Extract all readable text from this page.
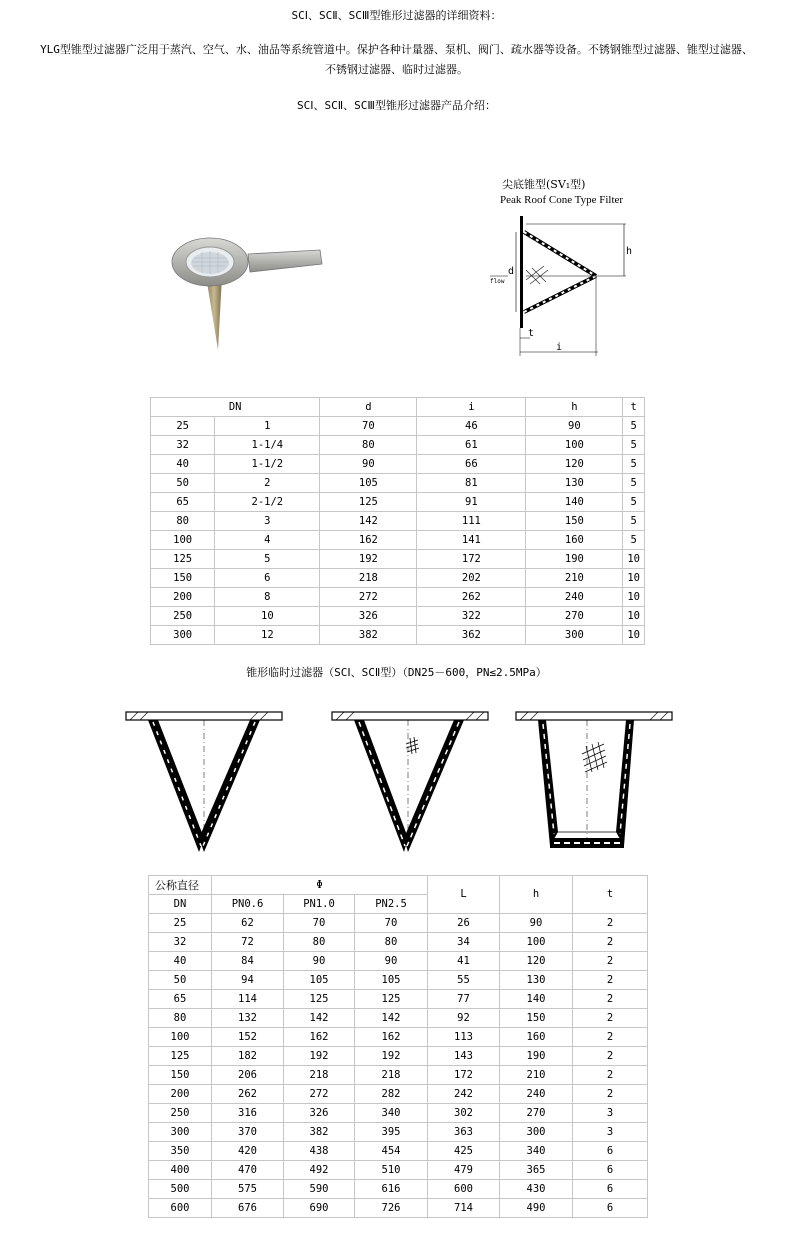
SCⅠ、SCⅡ、SCⅢ型锥形过滤器的详细资料：
YLG型锥型过滤器广泛用于蒸汽、空气、水、油品等系统管道中。保护各种计量器、泵机、阀门、疏水器等设备。不锈钢锥型过滤器、锥型过滤器、
不锈钢过滤器、临时过滤器。
SCⅠ、SCⅡ、SCⅢ型锥形过滤器产品介绍：
尖底锥型(SV₁型)
Peak Roof Cone Type Filter
h
d
flow
i
t
DN		d	i	h	t
25	1	70	46	90	5
32	1-1/4	80	61	100	5
40	1-1/2	90	66	120	5
50	2	105	81	130	5
65	2-1/2	125	91	140	5
80	3	142	111	150	5
100	4	162	141	160	5
125	5	192	172	190	10
150	6	218	202	210	10
200	8	272	262	240	10
250	10	326	322	270	10
300	12	382	362	300	10
锥形临时过滤器（SCⅠ、SCⅡ型）（DN25－600，PN≤2.5MPa）
公称直径	Φ			L	h	t
DN	PN0.6	PN1.0	PN2.5			
25	62	70	70	26	90	2
32	72	80	80	34	100	2
40	84	90	90	41	120	2
50	94	105	105	55	130	2
65	114	125	125	77	140	2
80	132	142	142	92	150	2
100	152	162	162	113	160	2
125	182	192	192	143	190	2
150	206	218	218	172	210	2
200	262	272	282	242	240	2
250	316	326	340	302	270	3
300	370	382	395	363	300	3
350	420	438	454	425	340	6
400	470	492	510	479	365	6
500	575	590	616	600	430	6
600	676	690	726	714	490	6
